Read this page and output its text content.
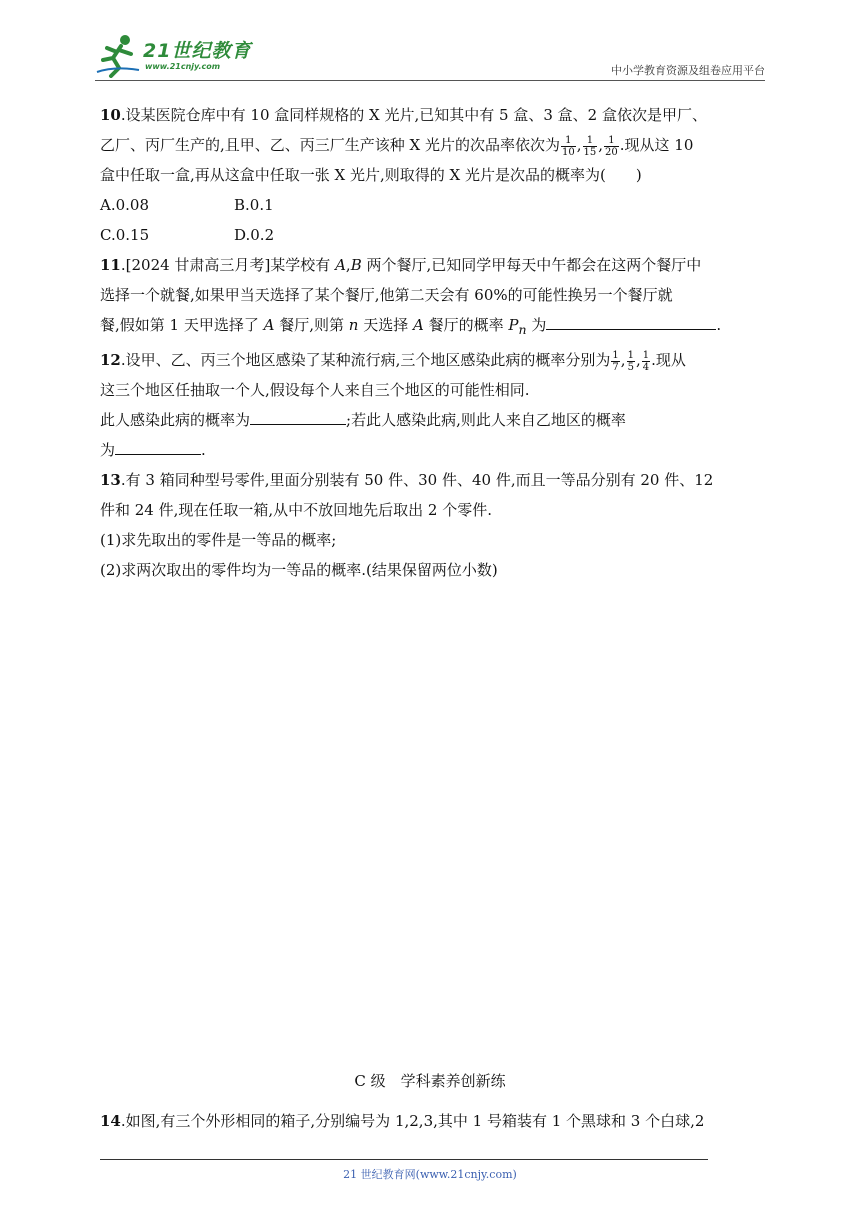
21世纪教育
www.21cnjy.com	中小学教育资源及组卷应用平台

10.设某医院仓库中有 10 盒同样规格的 X 光片,已知其中有 5 盒、3 盒、2 盒依次是甲厂、

乙厂、丙厂生产的,且甲、乙、丙三厂生产该种 X 光片的次品率依次为 $\frac{1}{10}$ , $\frac{1}{15}$ , $\frac{1}{20}$ .现从这 10

盒中任取一盒,再从这盒中任取一张 X 光片,则取得的 X 光片是次品的概率为(　　)

A.0.08	B.0.1

C.0.15	D.0.2

11.[2024 甘肃高三月考]某学校有 A,B 两个餐厅,已知同学甲每天中午都会在这两个餐厅中

选择一个就餐,如果甲当天选择了某个餐厅,他第二天会有 60%的可能性换另一个餐厅就

餐,假如第 1 天甲选择了 A 餐厅,则第 n 天选择 A 餐厅的概率 $P_n$ 为	.

12.设甲、乙、丙三个地区感染了某种流行病,三个地区感染此病的概率分别为 $\frac{1}{7}$ , $\frac{1}{5}$ , $\frac{1}{4}$ .现从

这三个地区任抽取一个人,假设每个人来自三个地区的可能性相同.

此人感染此病的概率为	;若此人感染此病,则此人来自乙地区的概率

为	.

13.有 3 箱同种型号零件,里面分别装有 50 件、30 件、40 件,而且一等品分别有 20 件、12

件和 24 件,现在任取一箱,从中不放回地先后取出 2 个零件.

(1)求先取出的零件是一等品的概率;

(2)求两次取出的零件均为一等品的概率.(结果保留两位小数)

C 级　学科素养创新练
14.如图,有三个外形相同的箱子,分别编号为 1,2,3,其中 1 号箱装有 1 个黑球和 3 个白球,2
21 世纪教育网(www.21cnjy.com)
